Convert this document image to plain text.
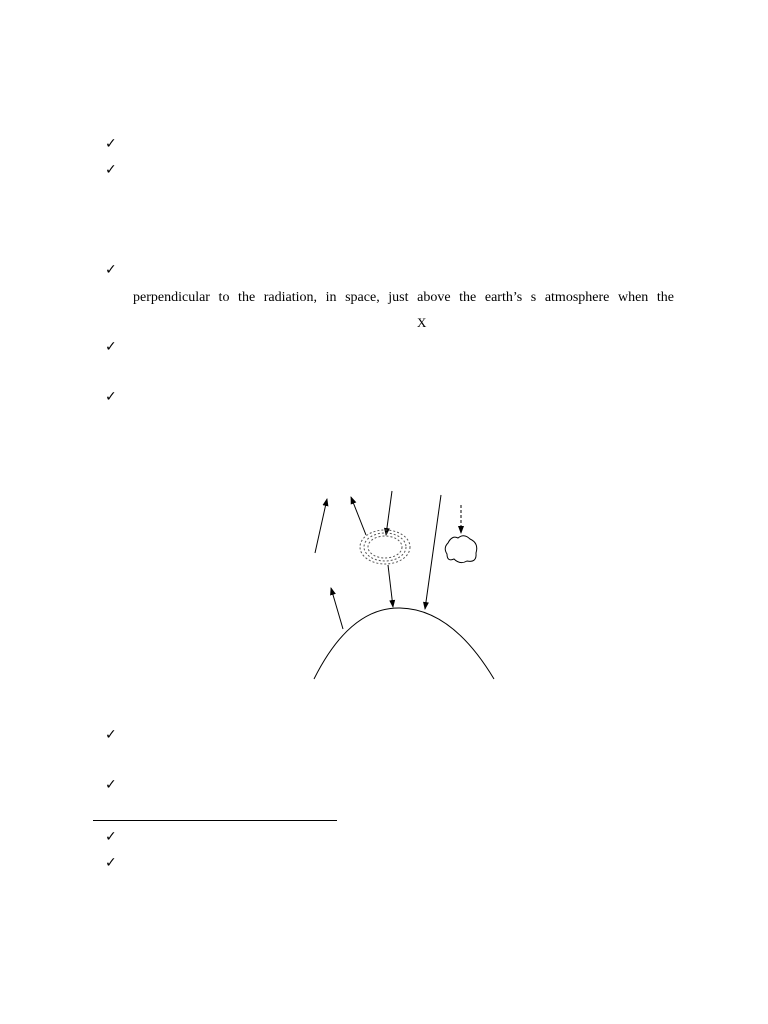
✓
✓
✓
✓
✓
✓
✓
✓
✓
perpendicular to the radiation, in space, just above the earth’s s atmosphere when the
X
